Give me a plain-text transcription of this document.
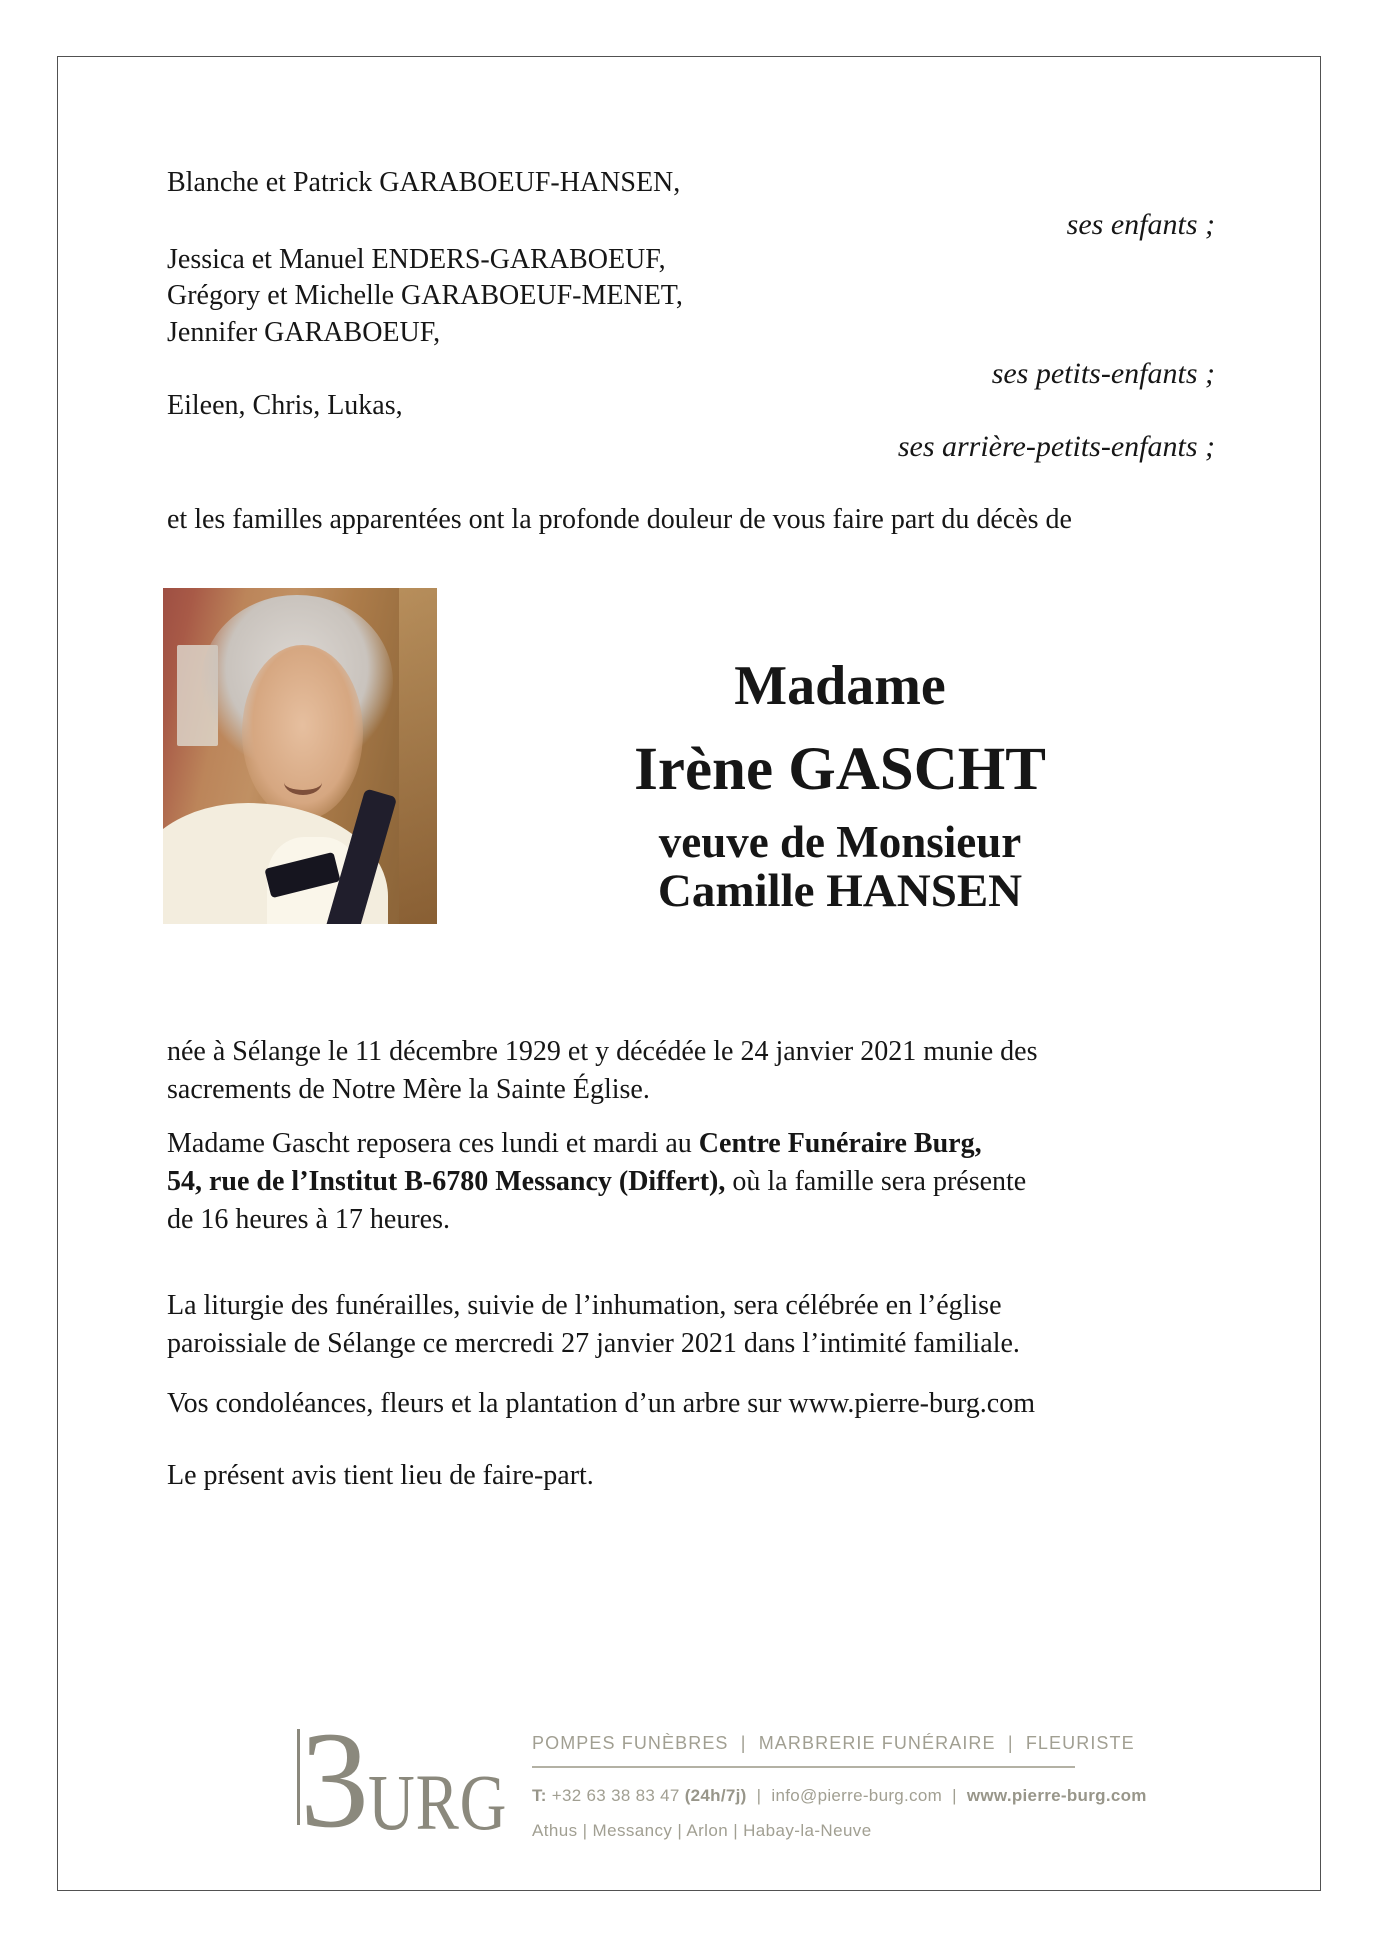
Blanche et Patrick GARABOEUF-HANSEN,
ses enfants ;
Jessica et Manuel ENDERS-GARABOEUF,
Grégory et Michelle GARABOEUF-MENET,
Jennifer GARABOEUF,
ses petits-enfants ;
Eileen, Chris, Lukas,
ses arrière-petits-enfants ;
et les familles apparentées ont la profonde douleur de vous faire part du décès de
Madame
Irène GASCHT
veuve de Monsieur
Camille HANSEN
née à Sélange le 11 décembre 1929 et y décédée le 24 janvier 2021 munie des
sacrements de Notre Mère la Sainte Église.
Madame Gascht reposera ces lundi et mardi au Centre Funéraire Burg,
54, rue de l’Institut B-6780 Messancy (Differt), où la famille sera présente
de 16 heures à 17 heures.
La liturgie des funérailles, suivie de l’inhumation, sera célébrée en l’église
paroissiale de Sélange ce mercredi 27 janvier 2021 dans l’intimité familiale.
Vos condoléances, fleurs et la plantation d’un arbre sur www.pierre-burg.com
Le présent avis tient lieu de faire-part.
3 URG
POMPES FUNÈBRES  |  MARBRERIE FUNÉRAIRE  |  FLEURISTE
T: +32 63 38 83 47 (24h/7j)  |  info@pierre-burg.com  |  www.pierre-burg.com
Athus | Messancy | Arlon | Habay-la-Neuve
